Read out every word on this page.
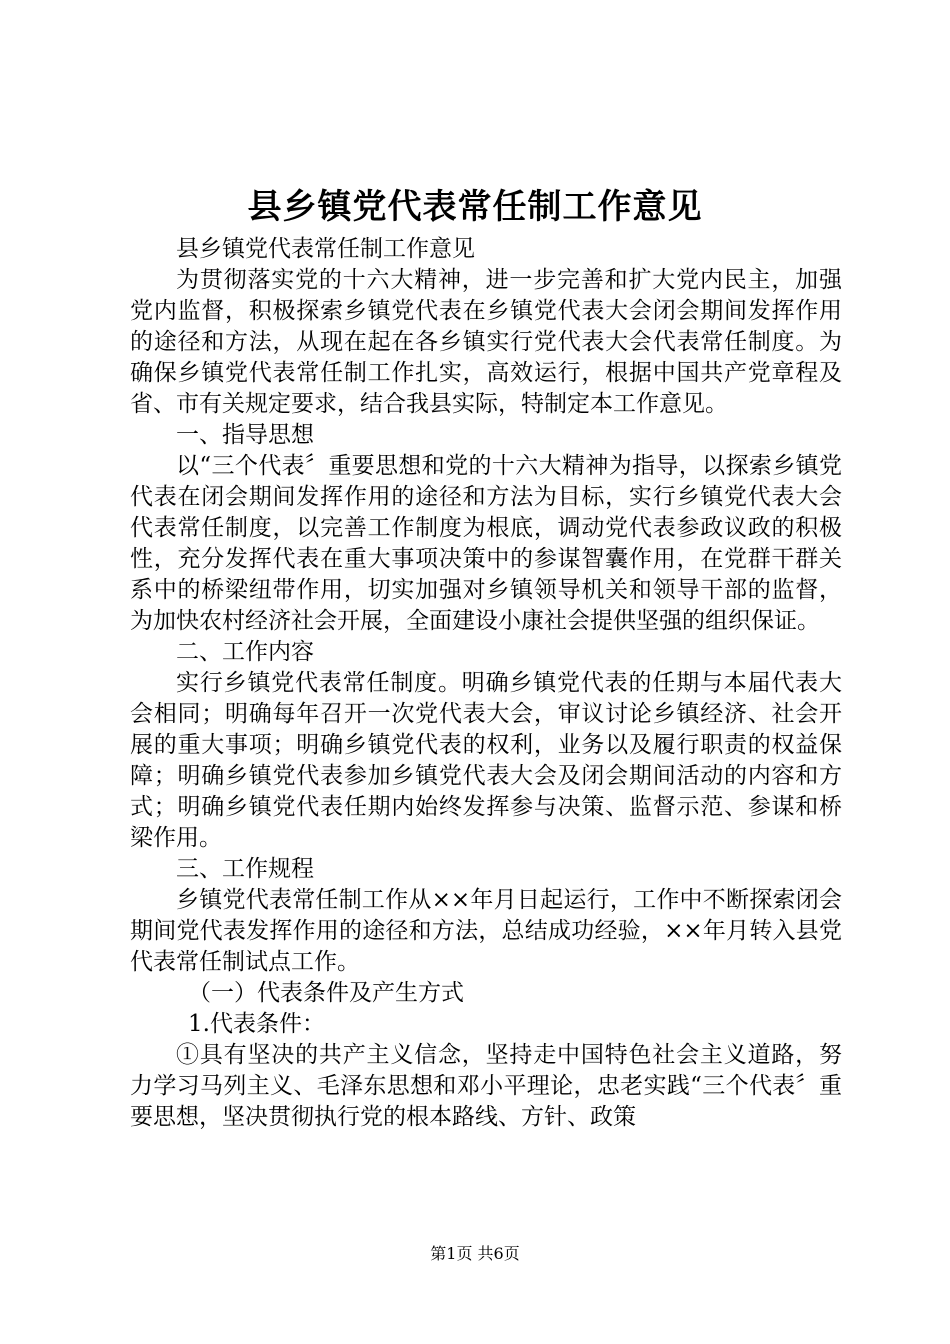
县乡镇党代表常任制工作意见

县乡镇党代表常任制工作意见

为贯彻落实党的十六大精神，进一步完善和扩大党内民主，加强党内监督，积极探索乡镇党代表在乡镇党代表大会闭会期间发挥作用的途径和方法，从现在起在各乡镇实行党代表大会代表常任制度。为确保乡镇党代表常任制工作扎实，高效运行，根据中国共产党章程及省、市有关规定要求，结合我县实际，特制定本工作意见。

一、指导思想

以“三个代表〞重要思想和党的十六大精神为指导，以探索乡镇党代表在闭会期间发挥作用的途径和方法为目标，实行乡镇党代表大会代表常任制度，以完善工作制度为根底，调动党代表参政议政的积极性，充分发挥代表在重大事项决策中的参谋智囊作用，在党群干群关系中的桥梁纽带作用，切实加强对乡镇领导机关和领导干部的监督，为加快农村经济社会开展，全面建设小康社会提供坚强的组织保证。

二、工作内容

实行乡镇党代表常任制度。明确乡镇党代表的任期与本届代表大会相同；明确每年召开一次党代表大会，审议讨论乡镇经济、社会开展的重大事项；明确乡镇党代表的权利，业务以及履行职责的权益保障；明确乡镇党代表参加乡镇党代表大会及闭会期间活动的内容和方式；明确乡镇党代表任期内始终发挥参与决策、监督示范、参谋和桥梁作用。

三、工作规程

乡镇党代表常任制工作从××年月日起运行，工作中不断探索闭会期间党代表发挥作用的途径和方法，总结成功经验，××年月转入县党代表常任制试点工作。

（一）代表条件及产生方式

1.代表条件：

①具有坚决的共产主义信念，坚持走中国特色社会主义道路，努力学习马列主义、毛泽东思想和邓小平理论，忠老实践“三个代表〞重要思想，坚决贯彻执行党的根本路线、方针、政策

第1页 共6页
